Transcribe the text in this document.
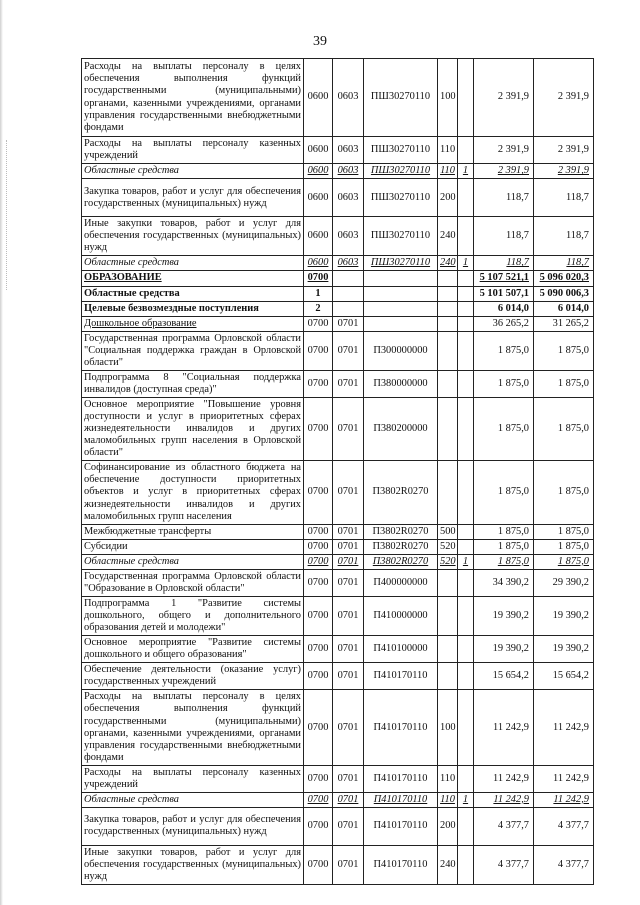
39
Расходы на выплаты персоналу в целях обеспечения выполнения функций государственными (муниципальными) органами, казенными учреждениями, органами управления государственными внебюджетными фондами	0600	0603	ПШ30270110	100		2 391,9	2 391,9
Расходы на выплаты персоналу казенных учреждений	0600	0603	ПШ30270110	110		2 391,9	2 391,9
Областные средства	0600	0603	ПШ30270110	110	1	2 391,9	2 391,9
Закупка товаров, работ и услуг для обеспечения государственных (муниципальных) нужд	0600	0603	ПШ30270110	200		118,7	118,7
Иные закупки товаров, работ и услуг для обеспечения государственных (муниципальных) нужд	0600	0603	ПШ30270110	240		118,7	118,7
Областные средства	0600	0603	ПШ30270110	240	1	118,7	118,7
ОБРАЗОВАНИЕ	0700					5 107 521,1	5 096 020,3
Областные средства	1					5 101 507,1	5 090 006,3
Целевые безвозмездные поступления	2					6 014,0	6 014,0
Дошкольное образование	0700	0701				36 265,2	31 265,2
Государственная программа Орловской области "Социальная поддержка граждан в Орловской области"	0700	0701	П300000000			1 875,0	1 875,0
Подпрограмма 8 "Социальная поддержка инвалидов (доступная среда)"	0700	0701	П380000000			1 875,0	1 875,0
Основное мероприятие "Повышение уровня доступности и услуг в приоритетных сферах жизнедеятельности инвалидов и других маломобильных групп населения в Орловской области"	0700	0701	П380200000			1 875,0	1 875,0
Софинансирование из областного бюджета на обеспечение доступности приоритетных объектов и услуг в приоритетных сферах жизнедеятельности инвалидов и других маломобильных групп населения	0700	0701	П3802R0270			1 875,0	1 875,0
Межбюджетные трансферты	0700	0701	П3802R0270	500		1 875,0	1 875,0
Субсидии	0700	0701	П3802R0270	520		1 875,0	1 875,0
Областные средства	0700	0701	П3802R0270	520	1	1 875,0	1 875,0
Государственная программа Орловской области "Образование в Орловской области"	0700	0701	П400000000			34 390,2	29 390,2
Подпрограмма 1 "Развитие системы дошкольного, общего и дополнительного образования детей и молодежи"	0700	0701	П410000000			19 390,2	19 390,2
Основное мероприятие "Развитие системы дошкольного и общего образования"	0700	0701	П410100000			19 390,2	19 390,2
Обеспечение деятельности (оказание услуг) государственных учреждений	0700	0701	П410170110			15 654,2	15 654,2
Расходы на выплаты персоналу в целях обеспечения выполнения функций государственными (муниципальными) органами, казенными учреждениями, органами управления государственными внебюджетными фондами	0700	0701	П410170110	100		11 242,9	11 242,9
Расходы на выплаты персоналу казенных учреждений	0700	0701	П410170110	110		11 242,9	11 242,9
Областные средства	0700	0701	П410170110	110	1	11 242,9	11 242,9
Закупка товаров, работ и услуг для обеспечения государственных (муниципальных) нужд	0700	0701	П410170110	200		4 377,7	4 377,7
Иные закупки товаров, работ и услуг для обеспечения государственных (муниципальных) нужд	0700	0701	П410170110	240		4 377,7	4 377,7
